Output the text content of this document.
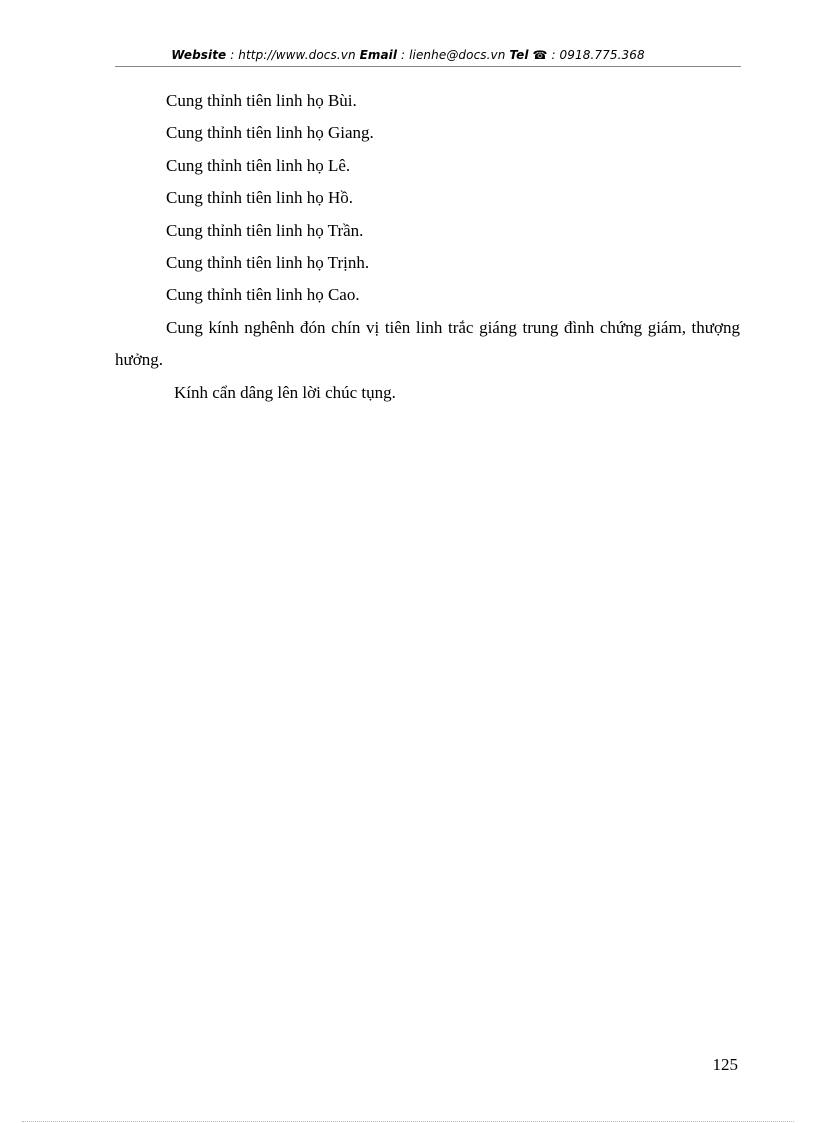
Website : http://www.docs.vn Email : lienhe@docs.vn Tel ☎ : 0918.775.368

Cung thỉnh tiên linh họ Bùi.

Cung thỉnh tiên linh họ Giang.

Cung thỉnh tiên linh họ Lê.

Cung thỉnh tiên linh họ Hồ.

Cung thỉnh tiên linh họ Trần.

Cung thỉnh tiên linh họ Trịnh.

Cung thỉnh tiên linh họ Cao.

Cung kính nghênh đón chín vị tiên linh trắc giáng trung đình chứng giám, thượng hưởng.

Kính cẩn dâng lên lời chúc tụng.

125
